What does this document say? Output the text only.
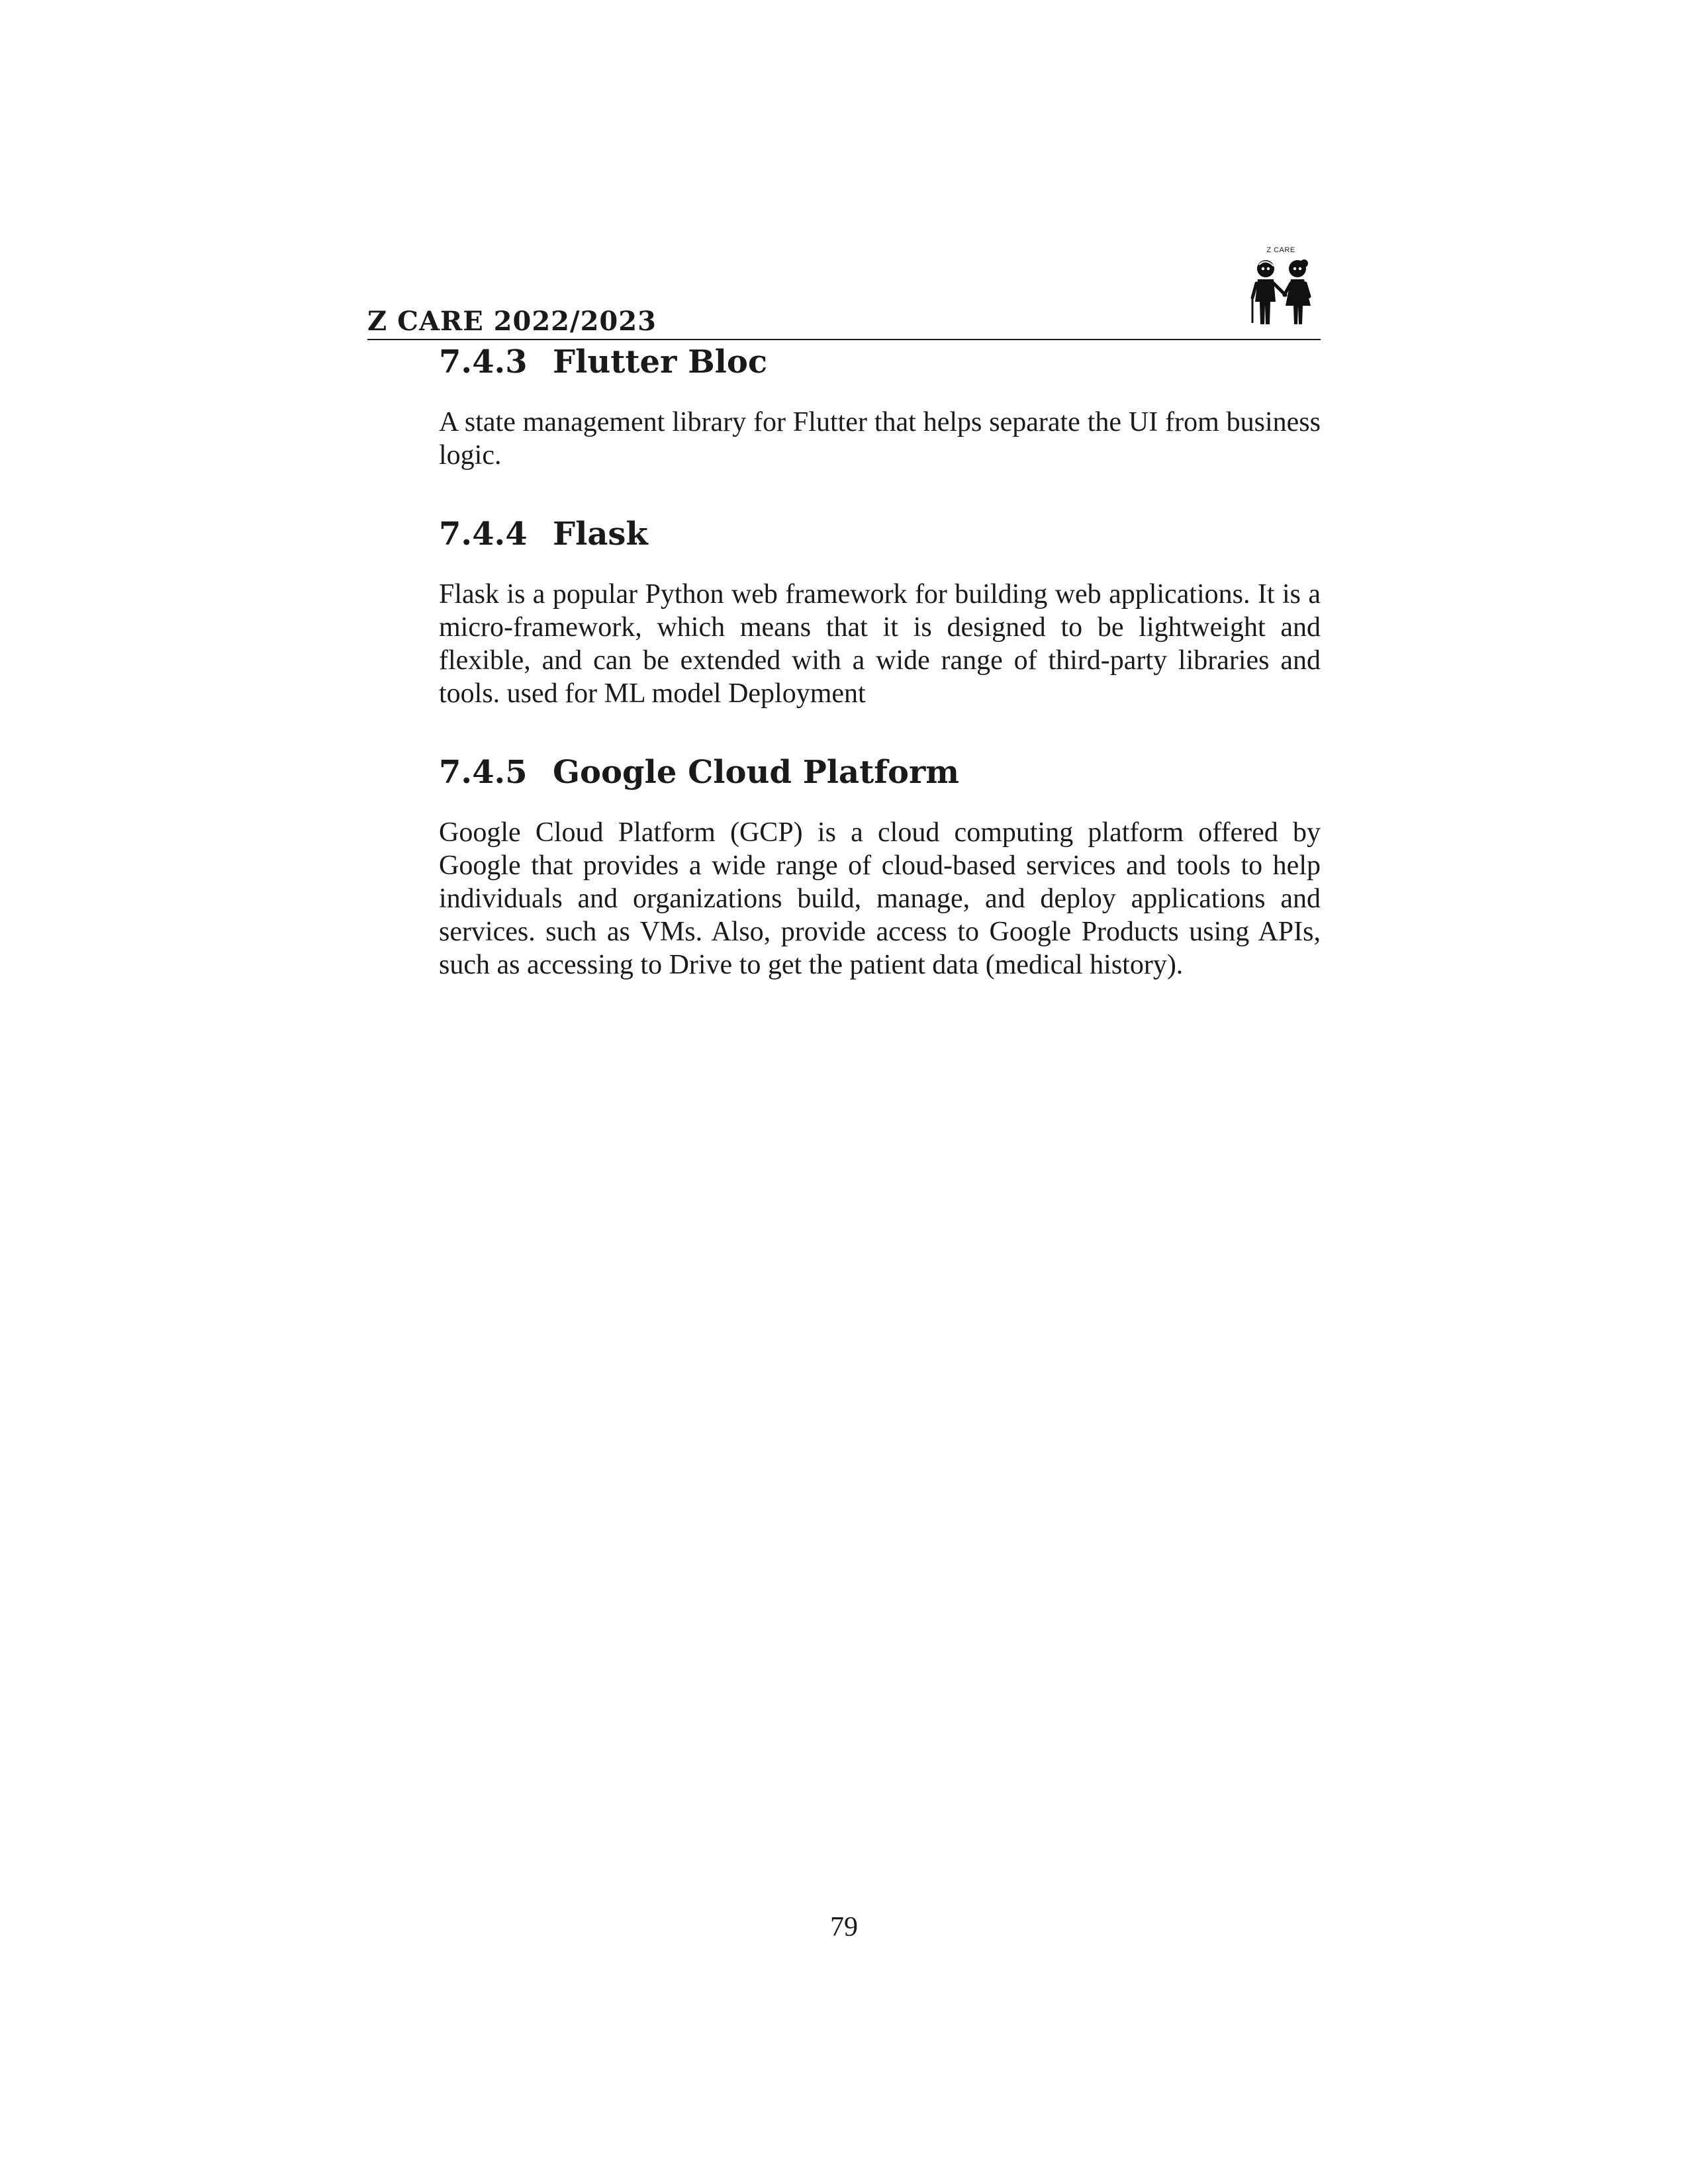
Z CARE 2022/2023
Z CARE
7.4.3 Flutter Bloc

A state management library for Flutter that helps separate the UI from business logic.

7.4.4 Flask

Flask is a popular Python web framework for building web applications. It is a micro-framework, which means that it is designed to be lightweight and flexible, and can be extended with a wide range of third-party libraries and tools. used for ML model Deployment

7.4.5 Google Cloud Platform

Google Cloud Platform (GCP) is a cloud computing platform offered by Google that provides a wide range of cloud-based services and tools to help individuals and organizations build, manage, and deploy applications and services. such as VMs. Also, provide access to Google Products using APIs, such as accessing to Drive to get the patient data (medical history).

79
